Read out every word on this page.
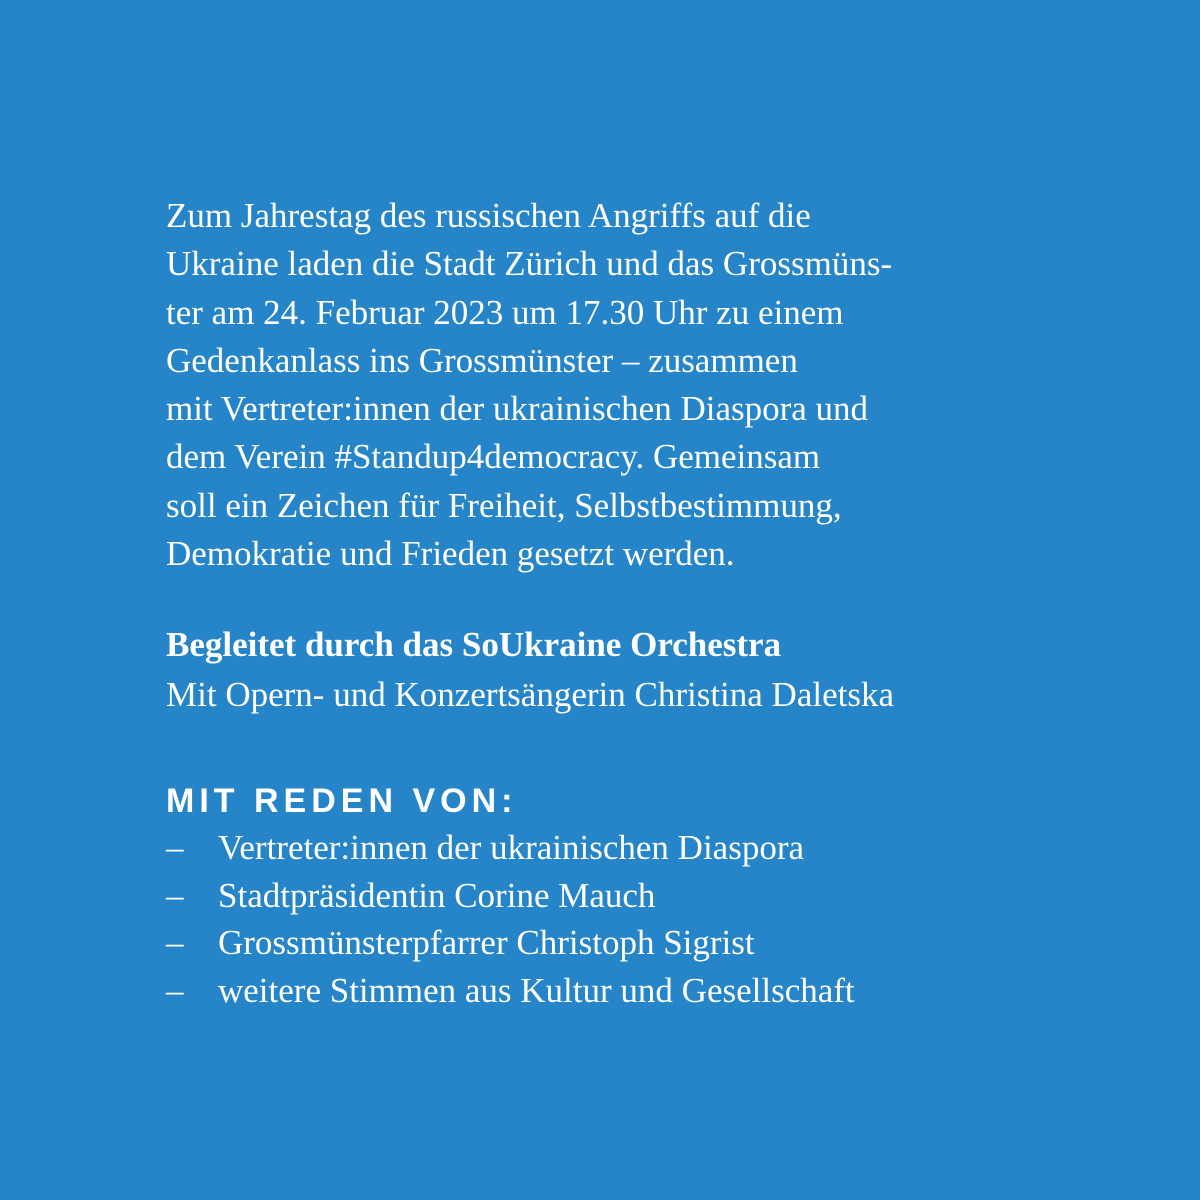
Zum Jahrestag des russischen Angriffs auf die
Ukraine laden die Stadt Zürich und das Grossmüns-
ter am 24. Februar 2023 um 17.30 Uhr zu einem
Gedenkanlass ins Grossmünster – zusammen
mit Vertreter:innen der ukrainischen Diaspora und
dem Verein #Standup4democracy. Gemeinsam
soll ein Zeichen für Freiheit, Selbstbestimmung,
Demokratie und Frieden gesetzt werden.

Begleitet durch das SoUkraine Orchestra
Mit Opern- und Konzertsängerin Christina Daletska
MIT REDEN VON:
– Vertreter:innen der ukrainischen Diaspora
– Stadtpräsidentin Corine Mauch
– Grossmünsterpfarrer Christoph Sigrist
– weitere Stimmen aus Kultur und Gesellschaft
